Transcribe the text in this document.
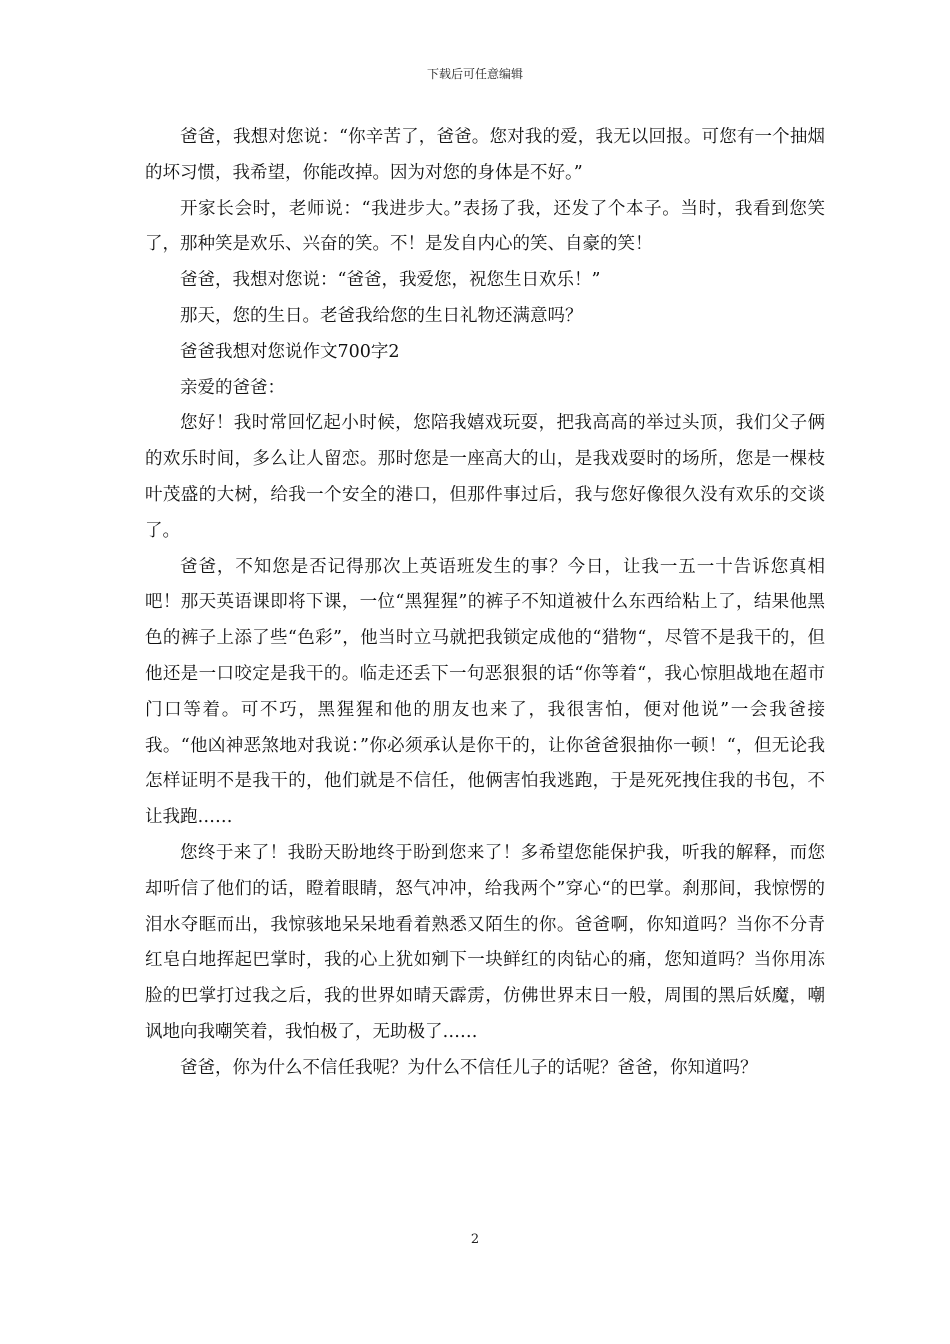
下载后可任意编辑

爸爸，我想对您说：“你辛苦了，爸爸。您对我的爱，我无以回报。可您有一个抽烟的坏习惯，我希望，你能改掉。因为对您的身体是不好。”

开家长会时，老师说：“我进步大。”表扬了我，还发了个本子。当时，我看到您笑了，那种笑是欢乐、兴奋的笑。不！是发自内心的笑、自豪的笑！

爸爸，我想对您说：“爸爸，我爱您，祝您生日欢乐！”

那天，您的生日。老爸我给您的生日礼物还满意吗？

爸爸我想对您说作文700字2

亲爱的爸爸：

您好！我时常回忆起小时候，您陪我嬉戏玩耍，把我高高的举过头顶，我们父子俩的欢乐时间，多么让人留恋。那时您是一座高大的山，是我戏耍时的场所，您是一棵枝叶茂盛的大树，给我一个安全的港口，但那件事过后，我与您好像很久没有欢乐的交谈了。

爸爸，不知您是否记得那次上英语班发生的事？今日，让我一五一十告诉您真相吧！那天英语课即将下课，一位“黑猩猩”的裤子不知道被什么东西给粘上了，结果他黑色的裤子上添了些“色彩”，他当时立马就把我锁定成他的“猎物“，尽管不是我干的，但他还是一口咬定是我干的。临走还丢下一句恶狠狠的话“你等着“，我心惊胆战地在超市门口等着。可不巧，黑猩猩和他的朋友也来了，我很害怕，便对他说”一会我爸接我。“他凶神恶煞地对我说：”你必须承认是你干的，让你爸爸狠抽你一顿！“，但无论我怎样证明不是我干的，他们就是不信任，他俩害怕我逃跑，于是死死拽住我的书包，不让我跑……

您终于来了！我盼天盼地终于盼到您来了！多希望您能保护我，听我的解释，而您却听信了他们的话，瞪着眼睛，怒气冲冲，给我两个”穿心“的巴掌。刹那间，我惊愣的泪水夺眶而出，我惊骇地呆呆地看着熟悉又陌生的你。爸爸啊，你知道吗？当你不分青红皂白地挥起巴掌时，我的心上犹如剜下一块鲜红的肉钻心的痛，您知道吗？当你用冻脸的巴掌打过我之后，我的世界如晴天霹雳，仿佛世界末日一般，周围的黑后妖魔，嘲讽地向我嘲笑着，我怕极了，无助极了……

爸爸，你为什么不信任我呢？为什么不信任儿子的话呢？爸爸，你知道吗？

2
